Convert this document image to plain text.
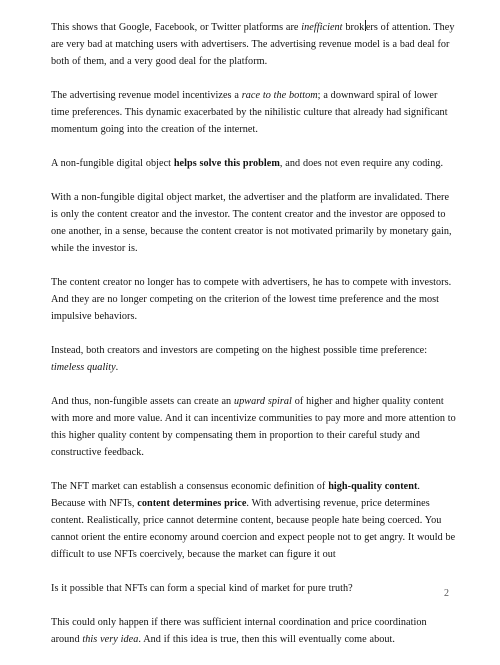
This shows that Google, Facebook, or Twitter platforms are inefficient brok ers of attention. They are very bad at matching users with advertisers. The advertising revenue model is a bad deal for both of them, and a very good deal for the platform.

The advertising revenue model incentivizes a race to the bottom; a downward spiral of lower time preferences. This dynamic exacerbated by the nihilistic culture that already had significant momentum going into the creation of the internet.

A non-fungible digital object helps solve this problem, and does not even require any coding.

With a non-fungible digital object market, the advertiser and the platform are invalidated. There is only the content creator and the investor. The content creator and the investor are opposed to one another, in a sense, because the content creator is not motivated primarily by monetary gain, while the investor is.

The content creator no longer has to compete with advertisers, he has to compete with investors. And they are no longer competing on the criterion of the lowest time preference and the most impulsive behaviors.

Instead, both creators and investors are competing on the highest possible time preference: timeless quality.

And thus, non-fungible assets can create an upward spiral of higher and higher quality content with more and more value. And it can incentivize communities to pay more and more attention to this higher quality content by compensating them in proportion to their careful study and constructive feedback.

The NFT market can establish a consensus economic definition of high-quality content. Because with NFTs, content determines price. With advertising revenue, price determines content. Realistically, price cannot determine content, because people hate being coerced. You cannot orient the entire economy around coercion and expect people not to get angry. It would be difficult to use NFTs coercively, because the market can figure it out

Is it possible that NFTs can form a special kind of market for pure truth?

This could only happen if there was sufficient internal coordination and price coordination around this very idea. And if this idea is true, then this will eventually come about.

2
